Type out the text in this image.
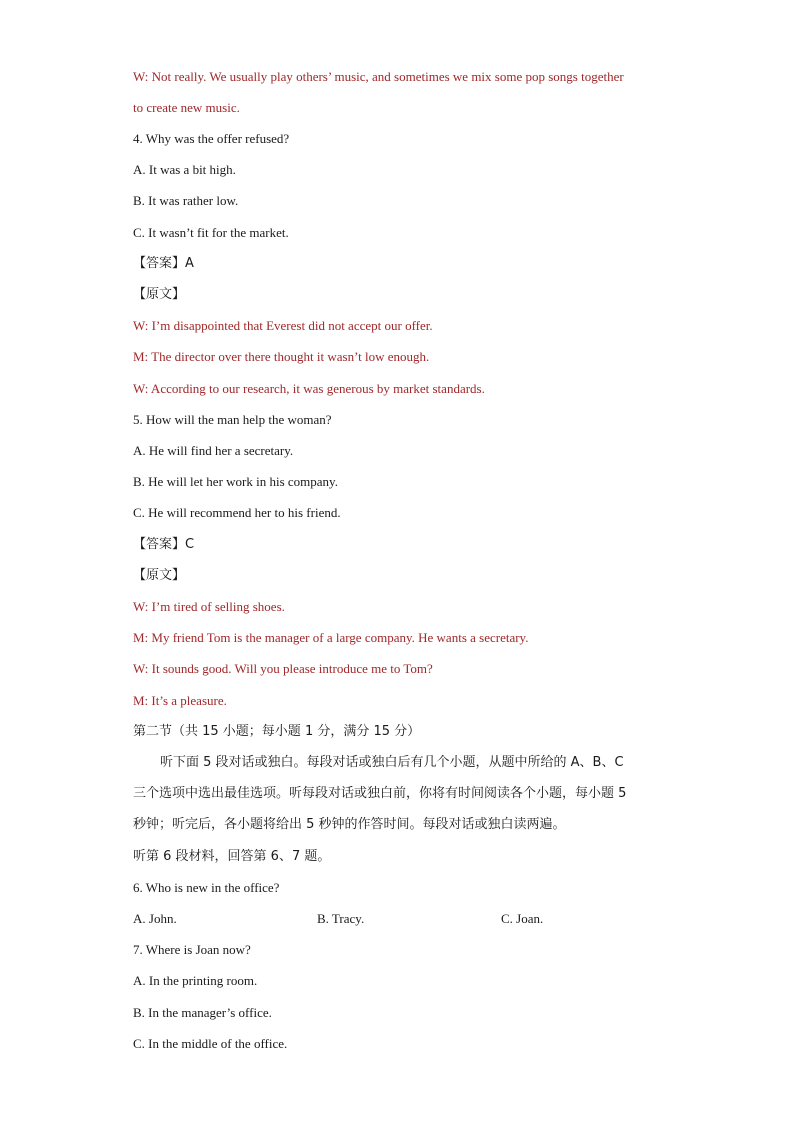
W: Not really. We usually play others’ music, and sometimes we mix some pop songs together
to create new music.
4. Why was the offer refused?
A. It was a bit high.
B. It was rather low.
C. It wasn’t fit for the market.
【答案】A
【原文】
W: I’m disappointed that Everest did not accept our offer.
M: The director over there thought it wasn’t low enough.
W: According to our research, it was generous by market standards.
5. How will the man help the woman?
A. He will find her a secretary.
B. He will let her work in his company.
C. He will recommend her to his friend.
【答案】C
【原文】
W: I’m tired of selling shoes.
M: My friend Tom is the manager of a large company. He wants a secretary.
W: It sounds good. Will you please introduce me to Tom?
M: It’s a pleasure.
第二节（共 15 小题；每小题 1 分，满分 15 分）
听下面 5 段对话或独白。每段对话或独白后有几个小题，从题中所给的 A、B、C
三个选项中选出最佳选项。听每段对话或独白前，你将有时间阅读各个小题，每小题 5
秒钟；听完后，各小题将给出 5 秒钟的作答时间。每段对话或独白读两遍。
听第 6 段材料，回答第 6、7 题。
6. Who is new in the office?
A. John.	B. Tracy.	C. Joan.
7. Where is Joan now?
A. In the printing room.
B. In the manager’s office.
C. In the middle of the office.
